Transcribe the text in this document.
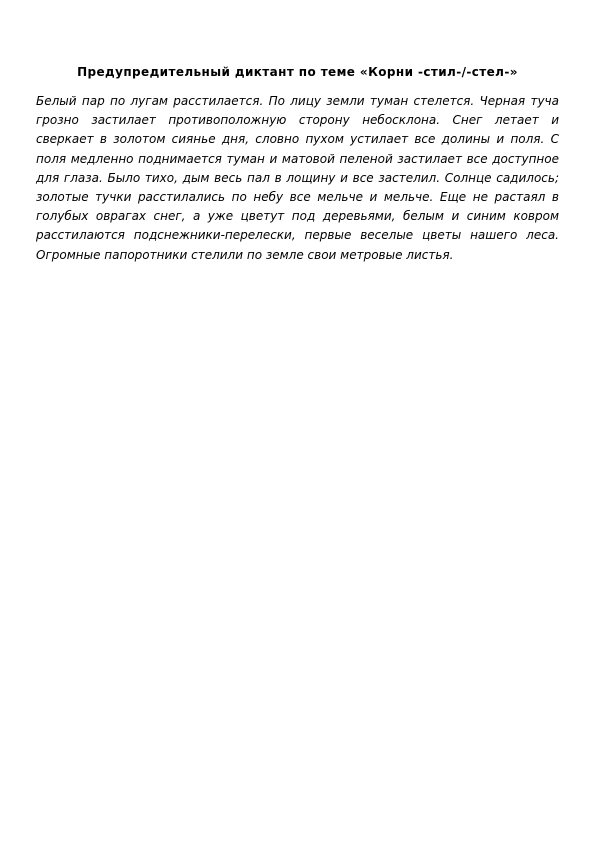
Предупредительный диктант по теме «Корни -стил-/-стел-»

Белый пар по лугам расстилается. По лицу земли туман стелется. Черная туча грозно застилает противоположную сторону небосклона. Снег летает и сверкает в золотом сиянье дня, словно пухом устилает все долины и поля. С поля медленно поднимается туман и матовой пеленой застилает все доступное для глаза. Было тихо, дым весь пал в лощину и все застелил. Солнце садилось; золотые тучки расстилались по небу все мельче и мельче. Еще не растаял в голубых оврагах снег, а уже цветут под деревьями, белым и синим ковром расстилаются подснежники-перелески, первые веселые цветы нашего леса. Огромные папоротники стелили по земле свои метровые листья.
